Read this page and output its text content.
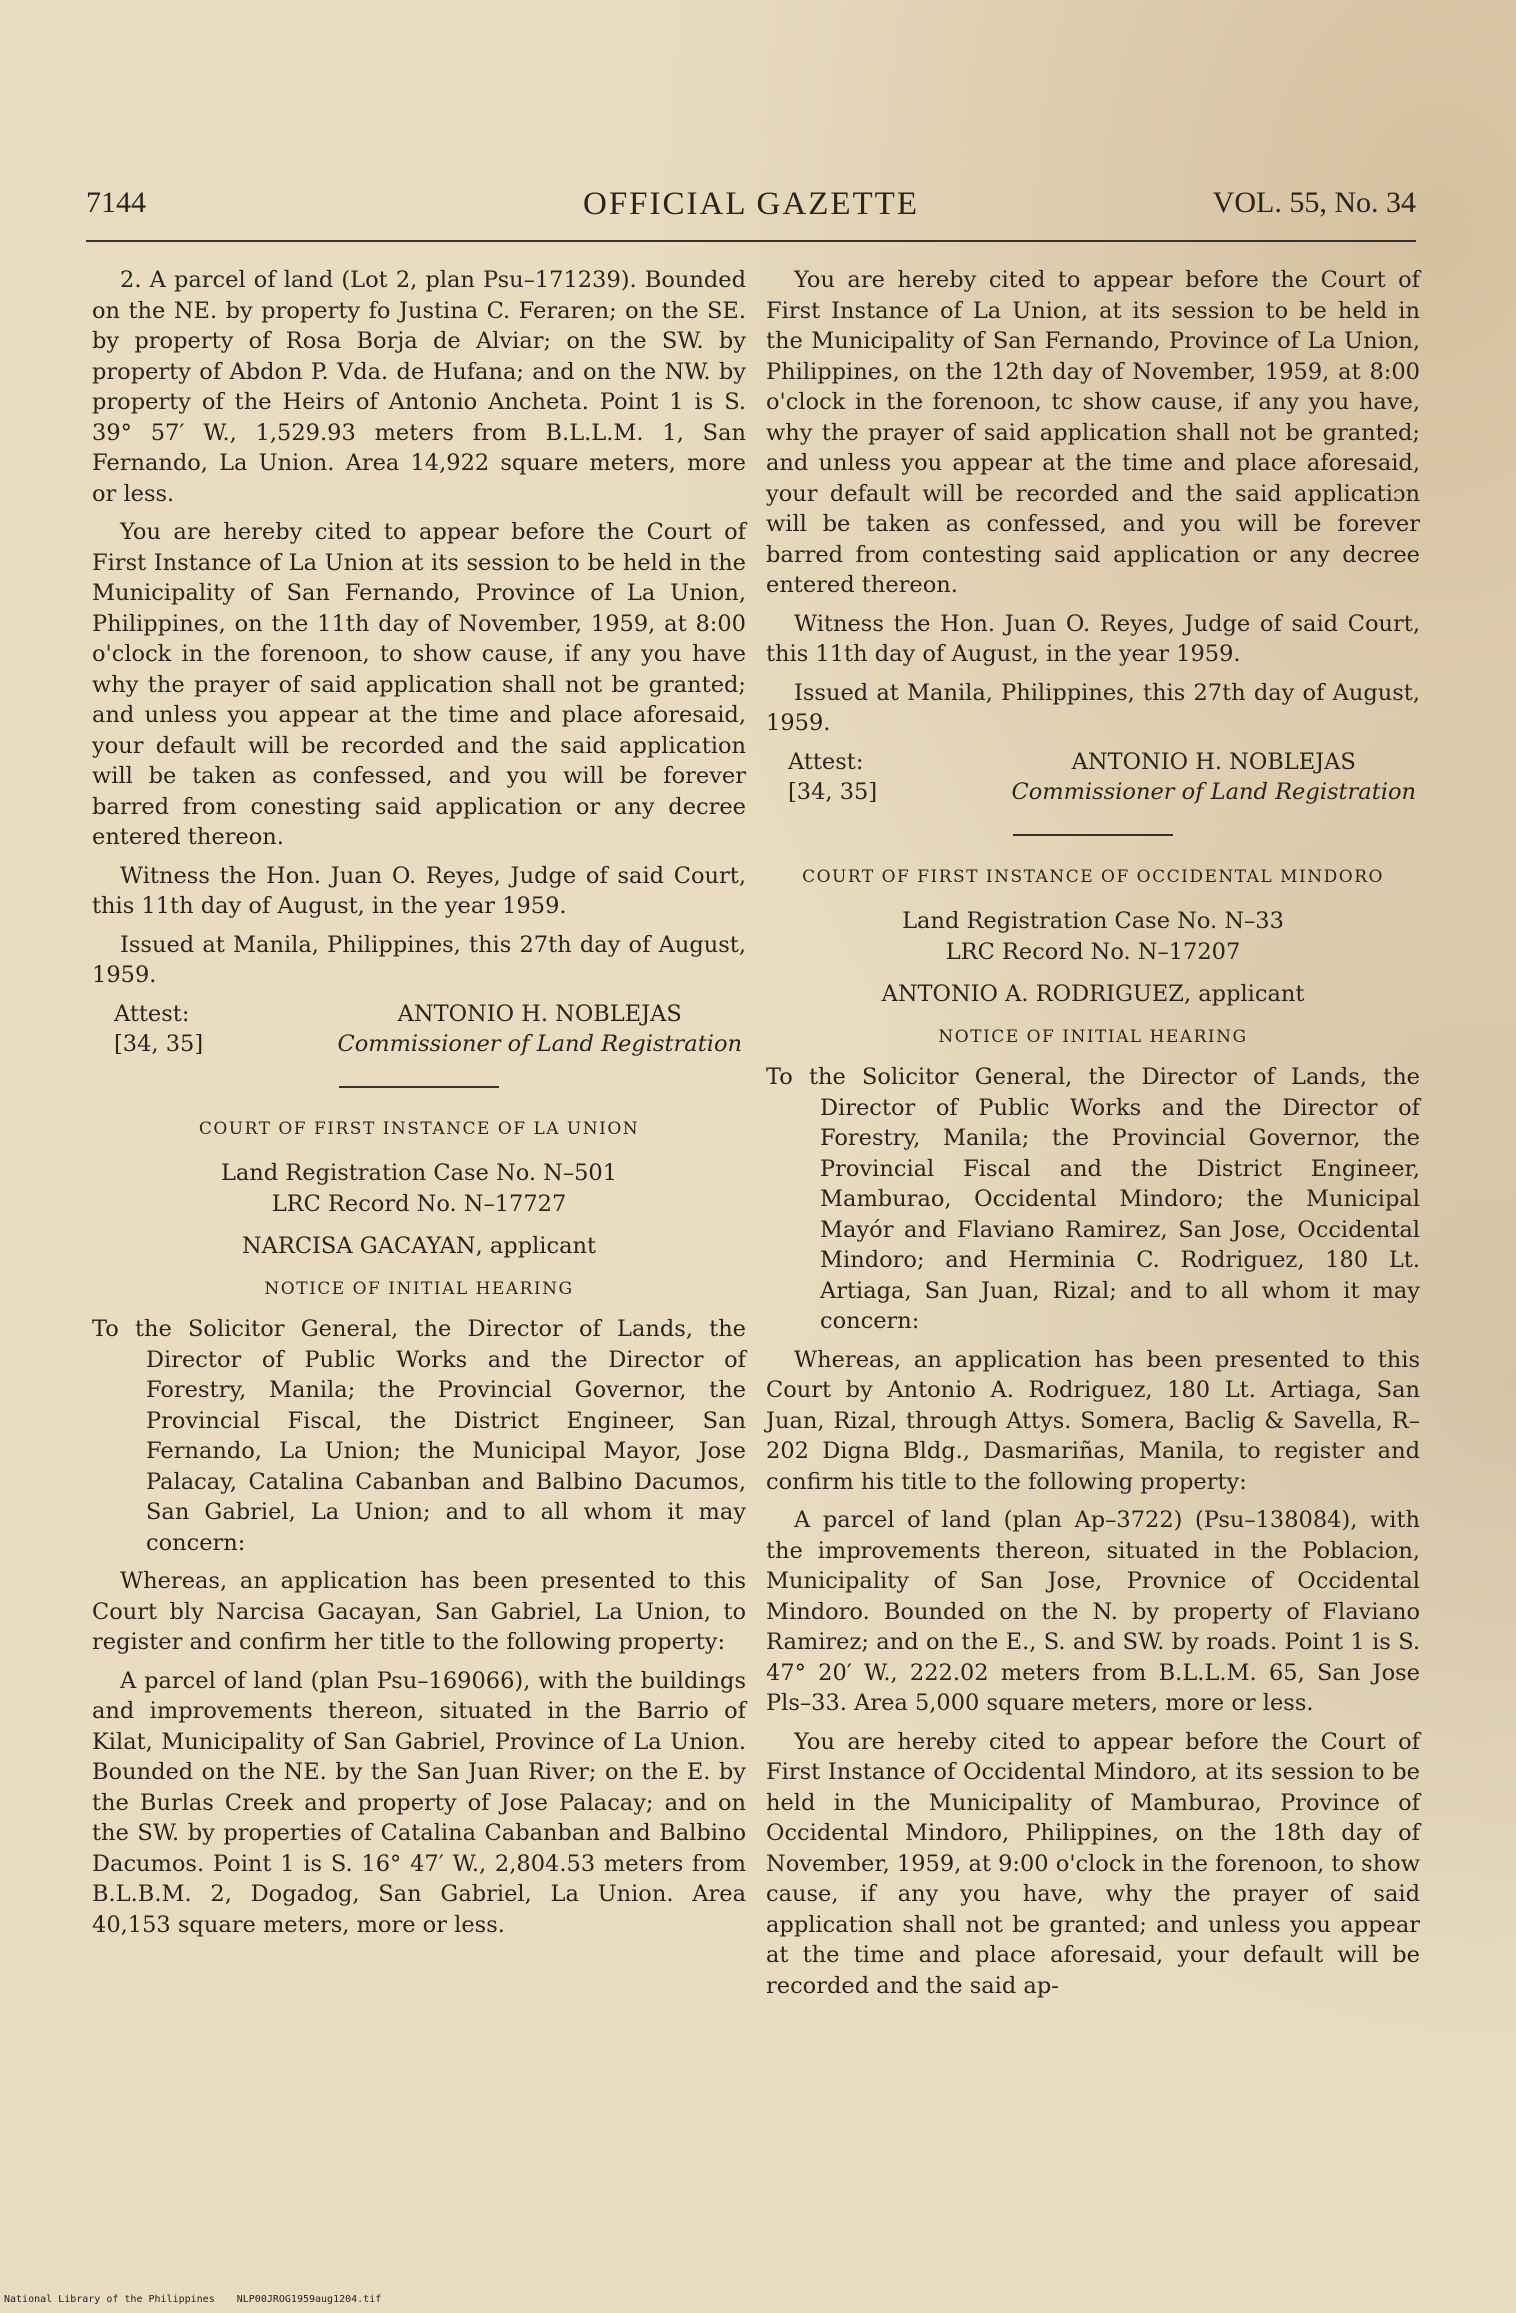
7144	OFFICIAL GAZETTE	VOL. 55, No. 34

2. A parcel of land (Lot 2, plan Psu–171239). Bounded on the NE. by property fo Justina C. Feraren; on the SE. by property of Rosa Borja de Alviar; on the SW. by property of Abdon P. Vda. de Hufana; and on the NW. by property of the Heirs of Antonio Ancheta. Point 1 is S. 39° 57′ W., 1,529.93 meters from B.L.L.M. 1, San Fernando, La Union. Area 14,922 square meters, more or less.

You are hereby cited to appear before the Court of First Instance of La Union at its session to be held in the Municipality of San Fernando, Province of La Union, Philippines, on the 11th day of November, 1959, at 8:00 o'clock in the forenoon, to show cause, if any you have why the prayer of said application shall not be granted; and unless you appear at the time and place aforesaid, your default will be recorded and the said application will be taken as confessed, and you will be forever barred from conesting said application or any decree entered thereon.

Witness the Hon. Juan O. Reyes, Judge of said Court, this 11th day of August, in the year 1959.

Issued at Manila, Philippines, this 27th day of August, 1959.

Attest:
[34, 35]
ANTONIO H. NOBLEJAS
Commissioner of Land Registration
COURT OF FIRST INSTANCE OF LA UNION
Land Registration Case No. N–501
LRC Record No. N–17727
NARCISA GACAYAN, applicant
NOTICE OF INITIAL HEARING
To the Solicitor General, the Director of Lands, the Director of Public Works and the Director of Forestry, Manila; the Provincial Governor, the Provincial Fiscal, the District Engineer, San Fernando, La Union; the Municipal Mayor, Jose Palacay, Catalina Cabanban and Balbino Dacumos, San Gabriel, La Union; and to all whom it may concern:

Whereas, an application has been presented to this Court bly Narcisa Gacayan, San Gabriel, La Union, to register and confirm her title to the following property:

A parcel of land (plan Psu–169066), with the buildings and improvements thereon, situated in the Barrio of Kilat, Municipality of San Gabriel, Province of La Union. Bounded on the NE. by the San Juan River; on the E. by the Burlas Creek and property of Jose Palacay; and on the SW. by properties of Catalina Cabanban and Balbino Dacumos. Point 1 is S. 16° 47′ W., 2,804.53 meters from B.L.B.M. 2, Dogadog, San Gabriel, La Union. Area 40,153 square meters, more or less.

You are hereby cited to appear before the Court of First Instance of La Union, at its session to be held in the Municipality of San Fernando, Province of La Union, Philippines, on the 12th day of November, 1959, at 8:00 o'clock in the forenoon, tc show cause, if any you have, why the prayer of said application shall not be granted; and unless you appear at the time and place aforesaid, your default will be recorded and the said applicatiɔn will be taken as confessed, and you will be forever barred from contesting said application or any decree entered thereon.

Witness the Hon. Juan O. Reyes, Judge of said Court, this 11th day of August, in the year 1959.

Issued at Manila, Philippines, this 27th day of August, 1959.

Attest:
[34, 35]
ANTONIO H. NOBLEJAS
Commissioner of Land Registration
COURT OF FIRST INSTANCE OF OCCIDENTAL MINDORO
Land Registration Case No. N–33
LRC Record No. N–17207
ANTONIO A. RODRIGUEZ, applicant
NOTICE OF INITIAL HEARING
To the Solicitor General, the Director of Lands, the Director of Public Works and the Director of Forestry, Manila; the Provincial Governor, the Provincial Fiscal and the District Engineer, Mamburao, Occidental Mindoro; the Municipal Mayór and Flaviano Ramirez, San Jose, Occidental Mindoro; and Herminia C. Rodriguez, 180 Lt. Artiaga, San Juan, Rizal; and to all whom it may concern:

Whereas, an application has been presented to this Court by Antonio A. Rodriguez, 180 Lt. Artiaga, San Juan, Rizal, through Attys. Somera, Baclig & Savella, R–202 Digna Bldg., Dasmariñas, Manila, to register and confirm his title to the following property:

A parcel of land (plan Ap–3722) (Psu–138084), with the improvements thereon, situated in the Poblacion, Municipality of San Jose, Provnice of Occidental Mindoro. Bounded on the N. by property of Flaviano Ramirez; and on the E., S. and SW. by roads. Point 1 is S. 47° 20′ W., 222.02 meters from B.L.L.M. 65, San Jose Pls–33. Area 5,000 square meters, more or less.

You are hereby cited to appear before the Court of First Instance of Occidental Mindoro, at its session to be held in the Municipality of Mamburao, Province of Occidental Mindoro, Philippines, on the 18th day of November, 1959, at 9:00 o'clock in the forenoon, to show cause, if any you have, why the prayer of said application shall not be granted; and unless you appear at the time and place aforesaid, your default will be recorded and the said ap-

National Library of the Philippines NLP00JROG1959aug1204.tif
